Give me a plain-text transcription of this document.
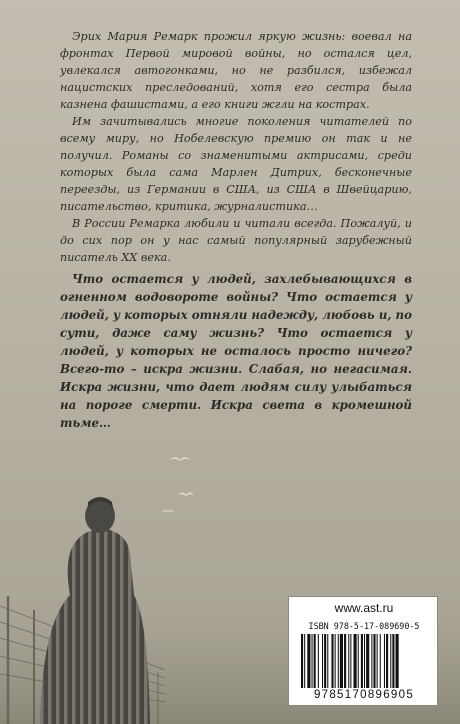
Эрих Мария Ремарк прожил яркую жизнь: воевал на фронтах Первой мировой войны, но остался цел, увлекался автогонками, но не разбился, избежал нацистских преследований, хотя его сестра была казнена фашистами, а его книги жгли на кострах.

Им зачитывались многие поколения читателей по всему миру, но Нобелевскую премию он так и не получил. Романы со знаменитыми актрисами, среди которых была сама Марлен Дитрих, бесконечные переезды, из Германии в США, из США в Швейцарию, писательство, критика, журналистика…

В России Ремарка любили и читали всегда. Пожалуй, и до сих пор он у нас самый популярный зарубежный писатель XX века.

Что остается у людей, захлебывающихся в огненном водовороте войны? Что остается у людей, у которых отняли надежду, любовь и, по сути, даже саму жизнь? Что остается у людей, у которых не осталось просто ничего? Всего-то – искра жизни. Слабая, но негасимая. Искра жизни, что дает людям силу улыбаться на пороге смерти. Искра света в кромешной тьме…

www.ast.ru
ISBN 978-5-17-089690-5
9785170896905
